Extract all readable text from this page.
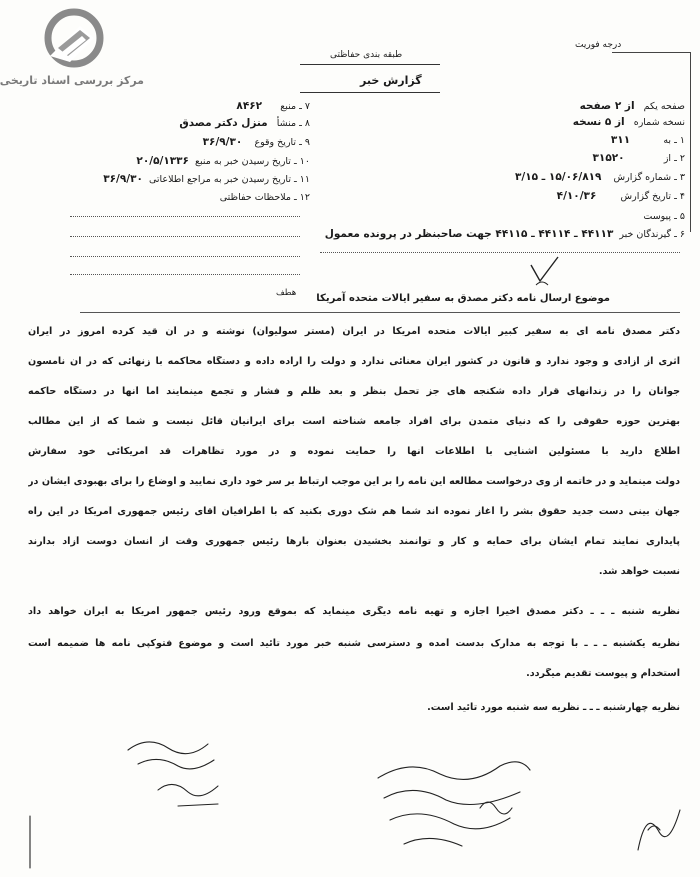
مرکز بررسی اسناد تاریخی
درجه فوریت
طبقه بندی حفاظتی
گزارش خبر
صفحه یکم   از ۲ صفحه
نسخه شماره   از ۵ نسخه
۱ ـ به           ۳۱۱
۲ ـ از             ۳۱۵۲۰
۳ ـ شماره گزارش    ۱۵/۰۶/۸۱۹ ـ ۳/۱۵
۴ ـ تاریخ گزارش        ۴/۱۰/۳۶
۵ ـ پیوست
۶ ـ گیرندگان خبر  ۴۴۱۱۳ ـ ۴۴۱۱۴ ـ ۴۴۱۱۵ جهت صاحبنظر در پرونده معمول
۷ ـ منبع      ۸۴۶۲
۸ ـ منشأ   منزل دکتر مصدق
۹ ـ تاریخ وقوع    ۳۶/۹/۳۰
۱۰ ـ تاریخ رسیدن خبر به منبع  ۲۰/۵/۱۳۳۶
۱۱ ـ تاریخ رسیدن خبر به مراجع اطلاعاتی  ۳۶/۹/۳۰
۱۲ ـ ملاحظات حفاظتی
هطف	موضوع ارسال نامه دکتر مصدق به سفیر ایالات متحده آمریکا
دکتر مصدق نامه ای به سفیر کبیر ایالات متحده آمریکا در ایران (مستر سولیوان) نوشته و در آن قید کرده امروز در ایران
اثری از آزادی و وجود ندارد و قانون در کشور ایران معنائی ندارد و دولت را اراده داده و دستگاه محاکمه با زنهائی که در ان نامسون
جوانان را در زندانهای قرار داده شکنجه های جز تحمل بنظر و بعد ظلم و فشار و تجمع مینمایند اما آنها در دستگاه حاکمه
بهترین حوزه حقوقی را که دنیای متمدن برای افراد جامعه شناخته است برای ایرانیان قائل نیست و شما که از این مطالب
اطلاع دارید با مسئولین آشنایی با اطلاعات آنها را حمایت نموده و در مورد تظاهرات قد آمریکائی خود سفارش
دولت مینماید و در خاتمه از وی درخواست مطالعه این نامه را بر این موجب ارتباط بر سر خود داری نمایید و اوضاع را برای بهبودی ایشان در
جهان بینی دست جدید حقوق بشر را آغاز نموده اند شما هم شک دوری بکنید که با اطرافیان آقای رئیس جمهوری آمریکا در این راه
پایداری نمایند تمام ایشان برای حمایه و کار و توانمند بخشیدن بعنوان بارها رئیس جمهوری وقت از انسان دوست آزاد بدارند
نسبت خواهد شد.
نظریه شنبه ـ ـ ـ دکتر مصدق اخیرا اجازه و تهیه نامه دیگری مینماید که بموقع ورود رئیس جمهور آمریکا به ایران خواهد داد
نظریه یکشنبه ـ ـ ـ با توجه به مدارک بدست آمده و دسترسی شنبه خبر مورد تائید است و موضوع فتوکپی نامه ها ضمیمه است
استخدام و پیوست تقدیم میگردد.
نظریه چهارشنبه ـ ـ ـ نظریه سه شنبه مورد تائید است.
